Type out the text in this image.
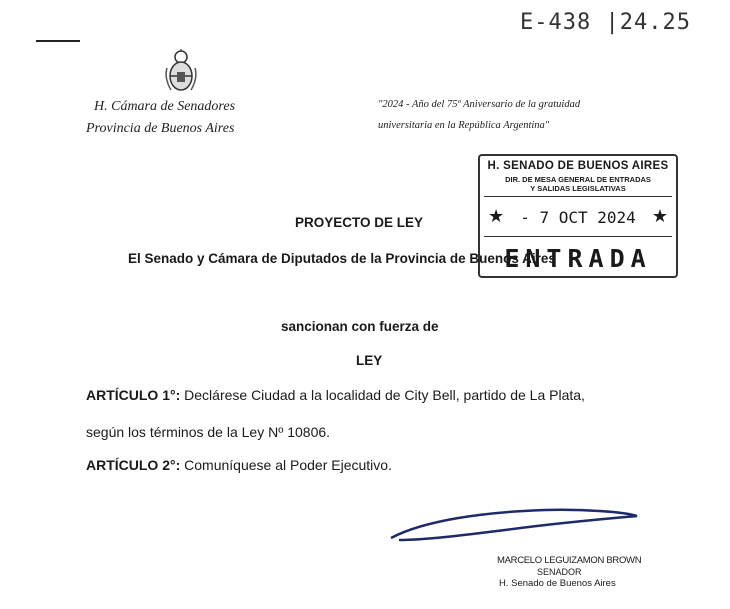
E-438 |24.25
H. Cámara de Senadores
Provincia de Buenos Aires
"2024 - Año del 75º Aniversario de la gratuidad
universitaria en la República Argentina"
H. SENADO DE BUENOS AIRES
DIR. DE MESA GENERAL DE ENTRADAS
Y SALIDAS LEGISLATIVAS
★	- 7 OCT 2024 ★
ENTRADA
PROYECTO DE LEY
El Senado y Cámara de Diputados de la Provincia de Buenos Aires
sancionan con fuerza de
LEY
ARTÍCULO 1°: Declárese Ciudad a la localidad de City Bell, partido de La Plata,
según los términos de la Ley Nº 10806.
ARTÍCULO 2°: Comuníquese al Poder Ejecutivo.
MARCELO LEGUIZAMON BROWN
SENADOR
H. Senado de Buenos Aires
